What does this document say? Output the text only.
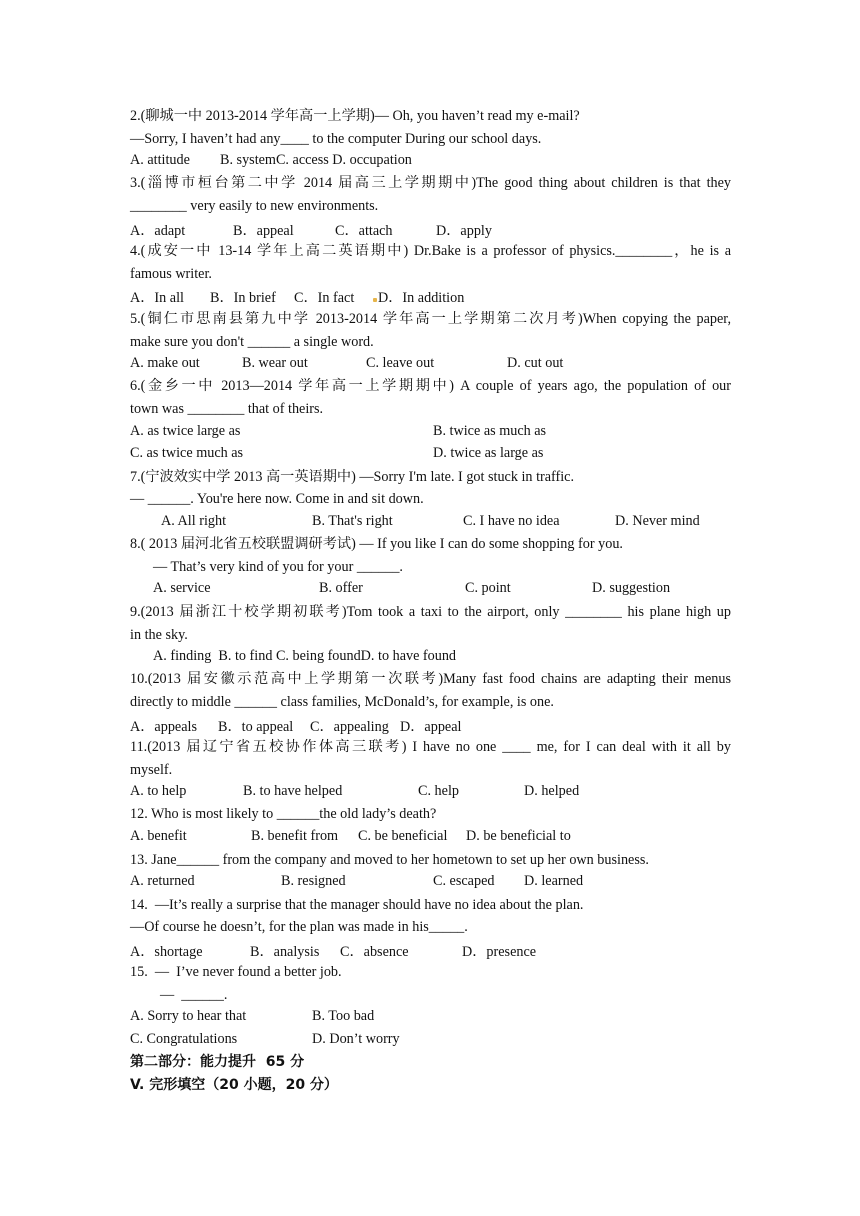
2.(聊城一中 2013-2014 学年高一上学期)— Oh, you haven’t read my e-mail?
—Sorry, I haven’t had any____ to the computer During our school days.
A. attitude B. systemC. access D. occupation
3.(淄博市桓台第二中学 2014 届高三上学期期中)The good thing about children is that they
________ very easily to new environments.
A．adapt	B．appeal	C．attach	D．apply
4.(成安一中 13-14 学年上高二英语期中) Dr.Bake is a professor of physics.________，he is a
famous writer.
A．In all B．In brief C．In fact D．In addition
5.(铜仁市思南县第九中学 2013-2014 学年高一上学期第二次月考)When copying the paper,
make sure you don't ______ a single word.
A. make out	B. wear out	C. leave out	D. cut out
6.(金乡一中 2013—2014 学年高一上学期期中) A couple of years ago, the population of our
town was ________ that of theirs.
A. as twice large as	B. twice as much as
C. as twice much as	D. twice as large as
7.(宁波效实中学 2013 高一英语期中) —Sorry I'm late. I got stuck in traffic.
— ______. You're here now. Come in and sit down.
A. All right	B. That's right	C. I have no idea	D. Never mind
8.( 2013 届河北省五校联盟调研考试) — If you like I can do some shopping for you.
— That’s very kind of you for your ______.
A. service	B. offer	C. point	D. suggestion
9.(2013 届浙江十校学期初联考)Tom took a taxi to the airport, only ________ his plane high up
in the sky.
A. finding  B. to find C. being foundD. to have found
10.(2013 届安徽示范高中上学期第一次联考)Many fast food chains are adapting their menus
directly to middle ______ class families, McDonald’s, for example, is one.
A．appeals B．to appeal C．appealing D．appeal
11.(2013 届辽宁省五校协作体高三联考) I have no one ____ me, for I can deal with it all by
myself.
A. to help	B. to have helped	C. help	D. helped
12. Who is most likely to ______the old lady’s death?
A. benefit	B. benefit from C. be beneficial D. be beneficial to
13. Jane______ from the company and moved to her hometown to set up her own business.
A. returned	B. resigned	C. escaped D. learned
14.  —It’s really a surprise that the manager should have no idea about the plan.
—Of course he doesn’t, for the plan was made in his_____.
A．shortage	B．analysis C．absence	D．presence
15.  —  I’ve never found a better job.
—  ______.
A. Sorry to hear that	B. Too bad
C. Congratulations	D. Don’t worry
第二部分：能力提升  65 分
V. 完形填空（20 小题，20 分）
